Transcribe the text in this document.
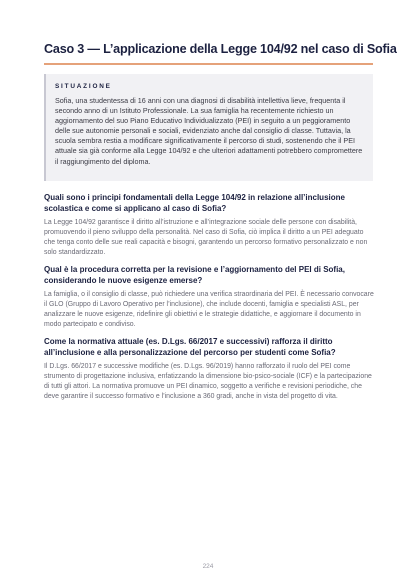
Caso 3 — L’applicazione della Legge 104/92 nel caso di Sofia
SITUAZIONE

Sofia, una studentessa di 16 anni con una diagnosi di disabilità intellettiva lieve, frequenta il secondo anno di un Istituto Professionale. La sua famiglia ha recentemente richiesto un aggiornamento del suo Piano Educativo Individualizzato (PEI) in seguito a un peggioramento delle sue autonomie personali e sociali, evidenziato anche dal consiglio di classe. Tuttavia, la scuola sembra restia a modificare significativamente il percorso di studi, sostenendo che il PEI attuale sia già conforme alla Legge 104/92 e che ulteriori adattamenti potrebbero compromettere il raggiungimento del diploma.

Quali sono i principi fondamentali della Legge 104/92 in relazione all’inclusione scolastica e come si applicano al caso di Sofia?

La Legge 104/92 garantisce il diritto all’istruzione e all’integrazione sociale delle persone con disabilità, promuovendo il pieno sviluppo della personalità. Nel caso di Sofia, ciò implica il diritto a un PEI adeguato che tenga conto delle sue reali capacità e bisogni, garantendo un percorso formativo personalizzato e non solo standardizzato.

Qual è la procedura corretta per la revisione e l’aggiornamento del PEI di Sofia, considerando le nuove esigenze emerse?

La famiglia, o il consiglio di classe, può richiedere una verifica straordinaria del PEI. È necessario convocare il GLO (Gruppo di Lavoro Operativo per l’inclusione), che include docenti, famiglia e specialisti ASL, per analizzare le nuove esigenze, ridefinire gli obiettivi e le strategie didattiche, e aggiornare il documento in modo partecipato e condiviso.

Come la normativa attuale (es. D.Lgs. 66/2017 e successivi) rafforza il diritto all’inclusione e alla personalizzazione del percorso per studenti come Sofia?

Il D.Lgs. 66/2017 e successive modifiche (es. D.Lgs. 96/2019) hanno rafforzato il ruolo del PEI come strumento di progettazione inclusiva, enfatizzando la dimensione bio-psico-sociale (ICF) e la partecipazione di tutti gli attori. La normativa promuove un PEI dinamico, soggetto a verifiche e revisioni periodiche, che deve garantire il successo formativo e l’inclusione a 360 gradi, anche in vista del progetto di vita.

224
